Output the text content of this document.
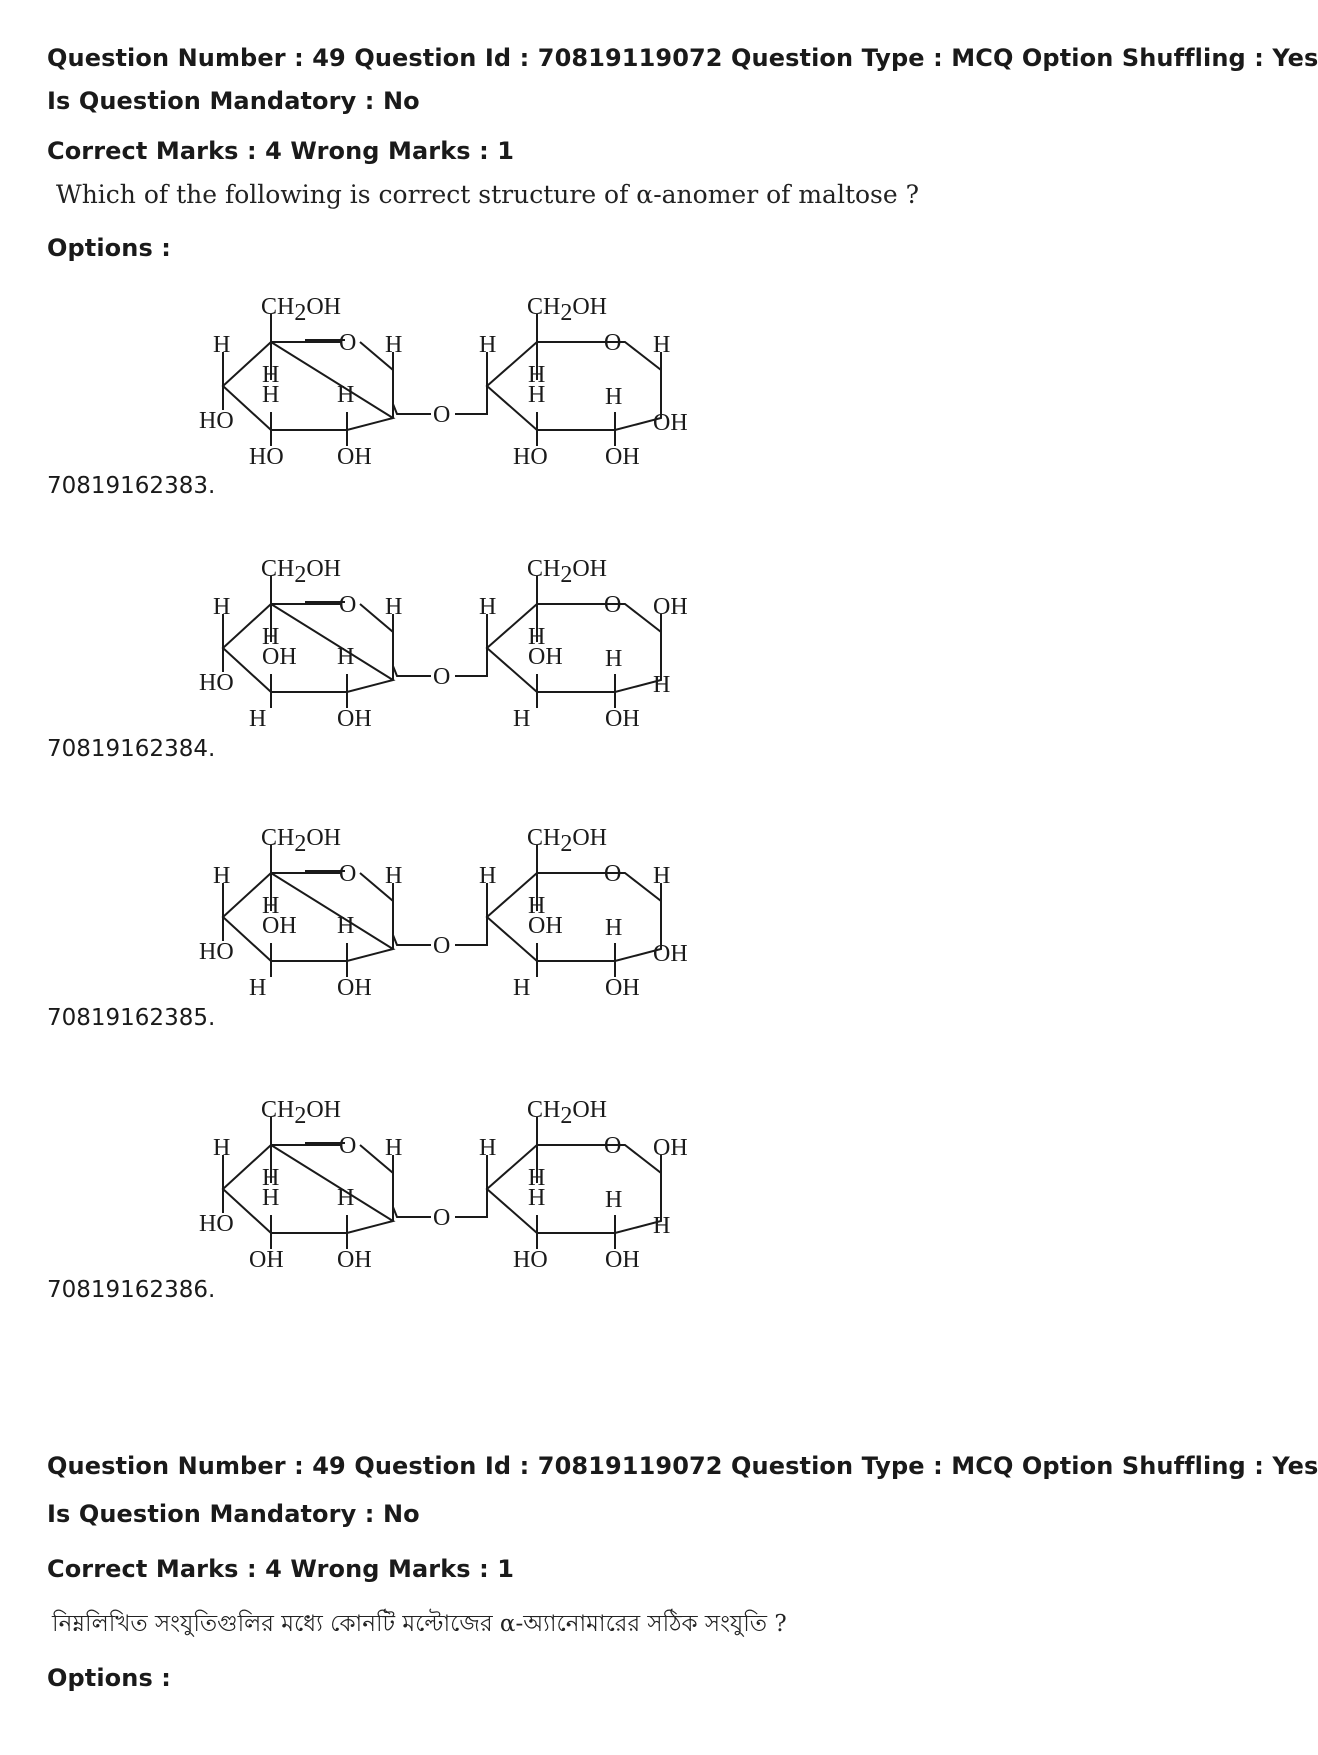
Question Number : 49 Question Id : 70819119072 Question Type : MCQ Option Shuffling : Yes
Is Question Mandatory : No
Correct Marks : 4 Wrong Marks : 1
Which of the following is correct structure of α-anomer of maltose ?
Options :
70819162383.
70819162384.
70819162385.
70819162386.
CH2OH	CH2OH
O	O
O
H	H
H
H H
HO
HO OH
H
H
H H
H
OH
HO OH
CH2OH	CH2OH
O	O
O
H	H
H
OH H
HO
H	OH
H
H
OH H
OH
H
H	OH
CH2OH	CH2OH
O	O
O
H	H
H
OH H
HO
H	OH
H
H
OH H
H
OH
H	OH
CH2OH	CH2OH
O	O
O
H	H
H
H H
HO
OH OH
H
H
H H
OH
H
HO OH
Question Number : 49 Question Id : 70819119072 Question Type : MCQ Option Shuffling : Yes
Is Question Mandatory : No
Correct Marks : 4 Wrong Marks : 1
নিম্নলিখিত সংযুতিগুলির মধ্যে কোনটি মল্টোজের α-অ্যানোমারের সঠিক সংযুতি ?
Options :
